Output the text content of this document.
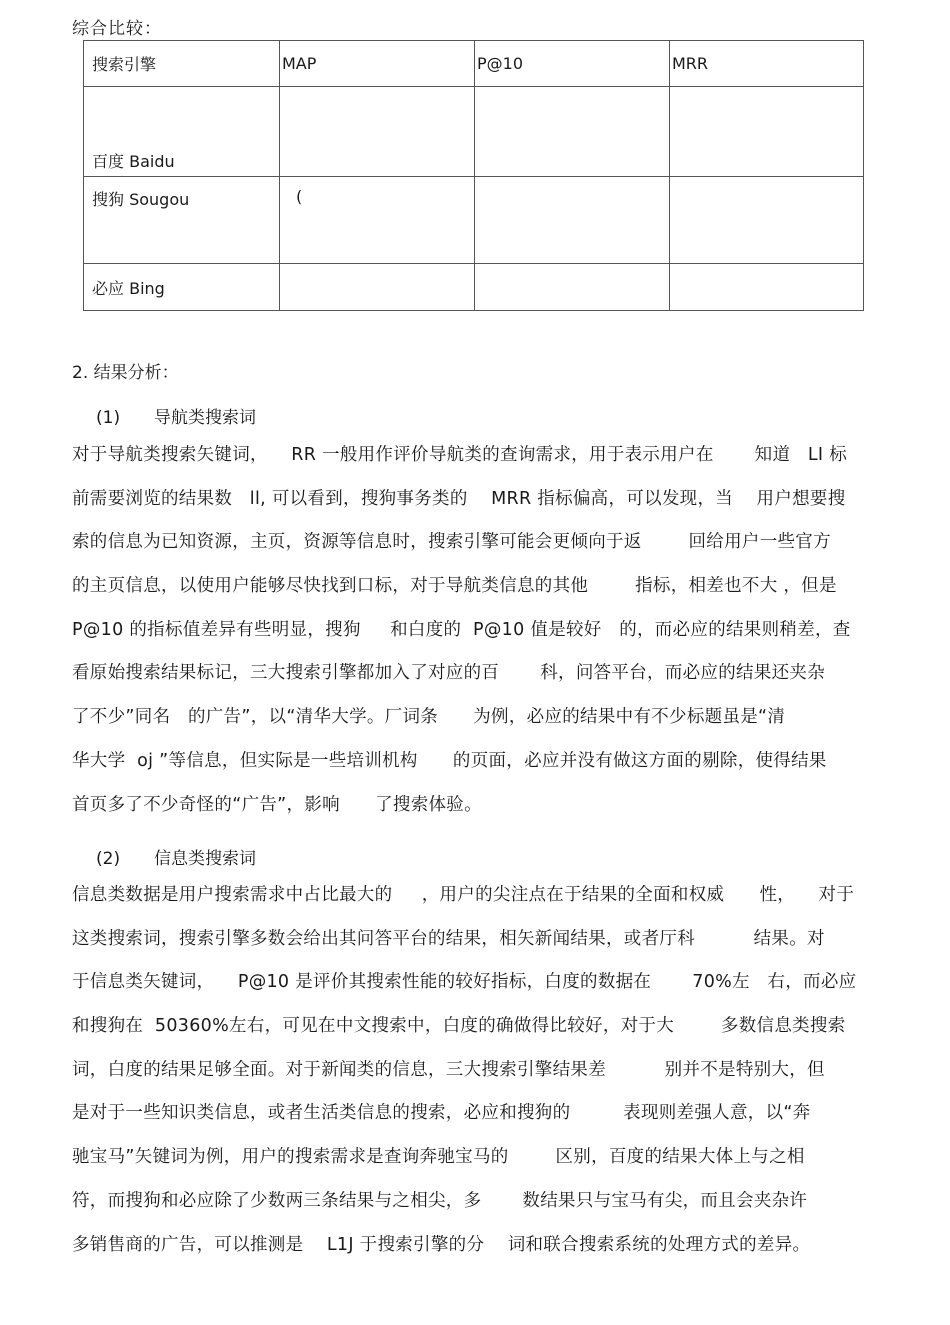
综合比较：
搜索引擎	MAP	P@10	MRR
百度 Baidu			
搜狗 Sougou	(		
必应 Bing			
2. 结果分析：
(1) 导航类搜索词
对于导航类搜索矢键词，    RR 一般用作评价导航类的查询需求，用于表示用户在       知道   LI 标
前需要浏览的结果数   ll, 可以看到，搜狗事务类的    MRR 指标偏高，可以发现，当    用户想要搜
索的信息为已知资源，主页，资源等信息时，搜索引擎可能会更倾向于返        回给用户一些官方
的主页信息，以使用户能够尽快找到口标，对于导航类信息的其他        指标，相差也不大 ，但是
P@10 的指标值差异有些明显，搜狗     和白度的  P@10 值是较好   的，而必应的结果则稍差，查
看原始搜索结果标记，三大搜索引擎都加入了对应的百       科，问答平台，而必应的结果还夹杂
了不少”同名   的广告”，以“清华大学。厂词条      为例，必应的结果中有不少标题虽是“清
华大学  oj ”等信息，但实际是一些培训机构      的页面，必应并没有做这方面的剔除，使得结果
首页多了不少奇怪的“广告”，影响      了搜索体验。
(2) 信息类搜索词
信息类数据是用户搜索需求中占比最大的     ，用户的尖注点在于结果的全面和权威      性，    对于
这类搜索词，搜索引擎多数会给出其问答平台的结果，相矢新闻结果，或者厅科          结果。对
于信息类矢键词，    P@10 是评价其搜索性能的较好指标，白度的数据在       70%左   右，而必应
和搜狗在  50360%左右，可见在中文搜索中，白度的确做得比较好，对于大        多数信息类搜索
词，白度的结果足够全面。对于新闻类的信息，三大搜索引擎结果差          别并不是特别大，但
是对于一些知识类信息，或者生活类信息的搜索，必应和搜狗的         表现则差强人意，以“奔
驰宝马”矢键词为例，用户的搜索需求是查询奔驰宝马的        区别，百度的结果大体上与之相
符，而搜狗和必应除了少数两三条结果与之相尖，多       数结果只与宝马有尖，而且会夹杂许
多销售商的广告，可以推测是    L1J 于搜索引擎的分    词和联合搜索系统的处理方式的差异。
